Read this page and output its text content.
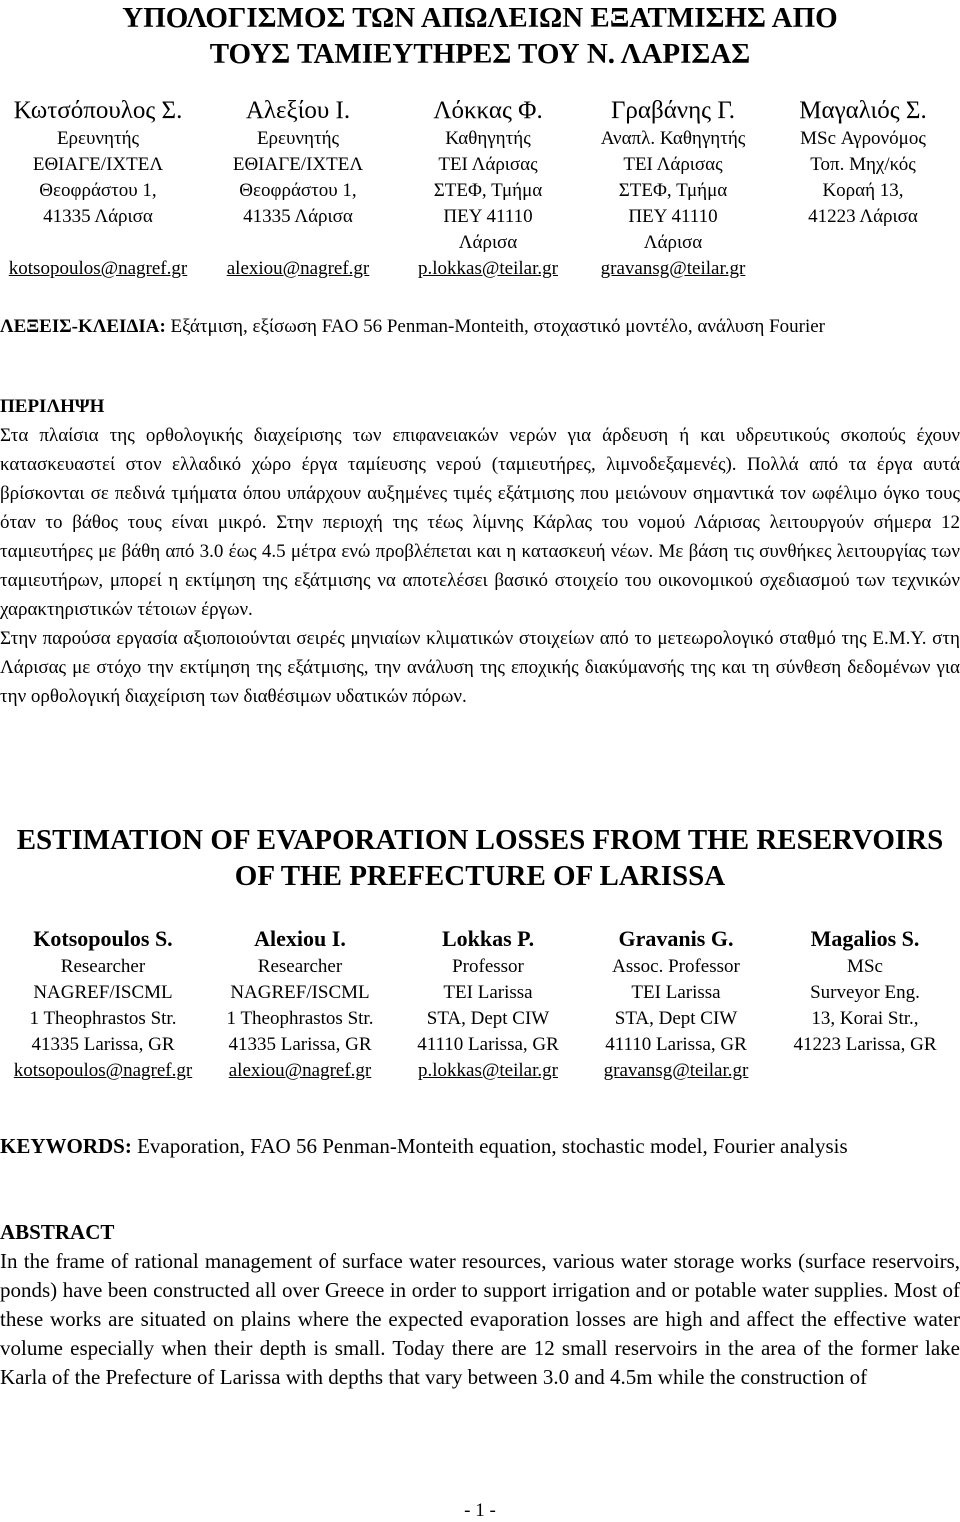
ΥΠΟΛΟΓΙΣΜΟΣ ΤΩΝ ΑΠΩΛΕΙΩΝ ΕΞΑΤΜΙΣΗΣ ΑΠΟ
ΤΟΥΣ ΤΑΜΙΕΥΤΗΡΕΣ ΤΟΥ Ν. ΛΑΡΙΣΑΣ
Κωτσόπουλος Σ.
Ερευνητής
ΕΘΙΑΓΕ/ΙΧΤΕΛ
Θεοφράστου 1,
41335 Λάρισα
kotsopoulos@nagref.gr
Αλεξίου Ι.
Ερευνητής
ΕΘΙΑΓΕ/ΙΧΤΕΛ
Θεοφράστου 1,
41335 Λάρισα
alexiou@nagref.gr
Λόκκας Φ.
Καθηγητής
ΤΕΙ Λάρισας
ΣΤΕΦ, Τμήμα
ΠΕΥ 41110
Λάρισα
p.lokkas@teilar.gr
Γραβάνης Γ.
Αναπλ. Καθηγητής
ΤΕΙ Λάρισας
ΣΤΕΦ, Τμήμα
ΠΕΥ 41110
Λάρισα
gravansg@teilar.gr
Μαγαλιός Σ.
MSc Αγρονόμος
Τοπ. Μηχ/κός
Κοραή 13,
41223 Λάρισα

ΛΕΞΕΙΣ-ΚΛΕΙΔΙΑ: Εξάτμιση, εξίσωση FAO 56 Penman-Monteith, στοχαστικό μοντέλο, ανάλυση Fourier

ΠΕΡΙΛΗΨΗ

Στα πλαίσια της ορθολογικής διαχείρισης των επιφανειακών νερών για άρδευση ή και υδρευτικούς σκοπούς έχουν κατασκευαστεί στον ελλαδικό χώρο έργα ταμίευσης νερού (ταμιευτήρες, λιμνοδεξαμενές). Πολλά από τα έργα αυτά βρίσκονται σε πεδινά τμήματα όπου υπάρχουν αυξημένες τιμές εξάτμισης που μειώνουν σημαντικά τον ωφέλιμο όγκο τους όταν το βάθος τους είναι μικρό. Στην περιοχή της τέως λίμνης Κάρλας του νομού Λάρισας λειτουργούν σήμερα 12 ταμιευτήρες με βάθη από 3.0 έως 4.5 μέτρα ενώ προβλέπεται και η κατασκευή νέων. Με βάση τις συνθήκες λειτουργίας των ταμιευτήρων, μπορεί η εκτίμηση της εξάτμισης να αποτελέσει βασικό στοιχείο του οικονομικού σχεδιασμού των τεχνικών χαρακτηριστικών τέτοιων έργων.

Στην παρούσα εργασία αξιοποιούνται σειρές μηνιαίων κλιματικών στοιχείων από το μετεωρολογικό σταθμό της Ε.Μ.Υ. στη Λάρισας με στόχο την εκτίμηση της εξάτμισης, την ανάλυση της εποχικής διακύμανσής της και τη σύνθεση δεδομένων για την ορθολογική διαχείριση των διαθέσιμων υδατικών πόρων.

ESTIMATION OF EVAPORATION LOSSES FROM THE RESERVOIRS
OF THE PREFECTURE OF LARISSA
Kotsopoulos S.
Researcher
NAGREF/ISCML
1 Theophrastos Str.
41335 Larissa, GR
kotsopoulos@nagref.gr
Alexiou I.
Researcher
NAGREF/ISCML
1 Theophrastos Str.
41335 Larissa, GR
alexiou@nagref.gr
Lokkas P.
Professor
TEI Larissa
STA, Dept CIW
41110 Larissa, GR
p.lokkas@teilar.gr
Gravanis G.
Assoc. Professor
TEI Larissa
STA, Dept CIW
41110 Larissa, GR
gravansg@teilar.gr
Magalios S.
MSc
Surveyor Eng.
13, Korai Str.,
41223 Larissa, GR

KEYWORDS: Evaporation, FAO 56 Penman-Monteith equation, stochastic model, Fourier analysis

ABSTRACT

In the frame of rational management of surface water resources, various water storage works (surface reservoirs, ponds) have been constructed all over Greece in order to support irrigation and or potable water supplies. Most of these works are situated on plains where the expected evaporation losses are high and affect the effective water volume especially when their depth is small. Today there are 12 small reservoirs in the area of the former lake Karla of the Prefecture of Larissa with depths that vary between 3.0 and 4.5m while the construction of

- 1 -
